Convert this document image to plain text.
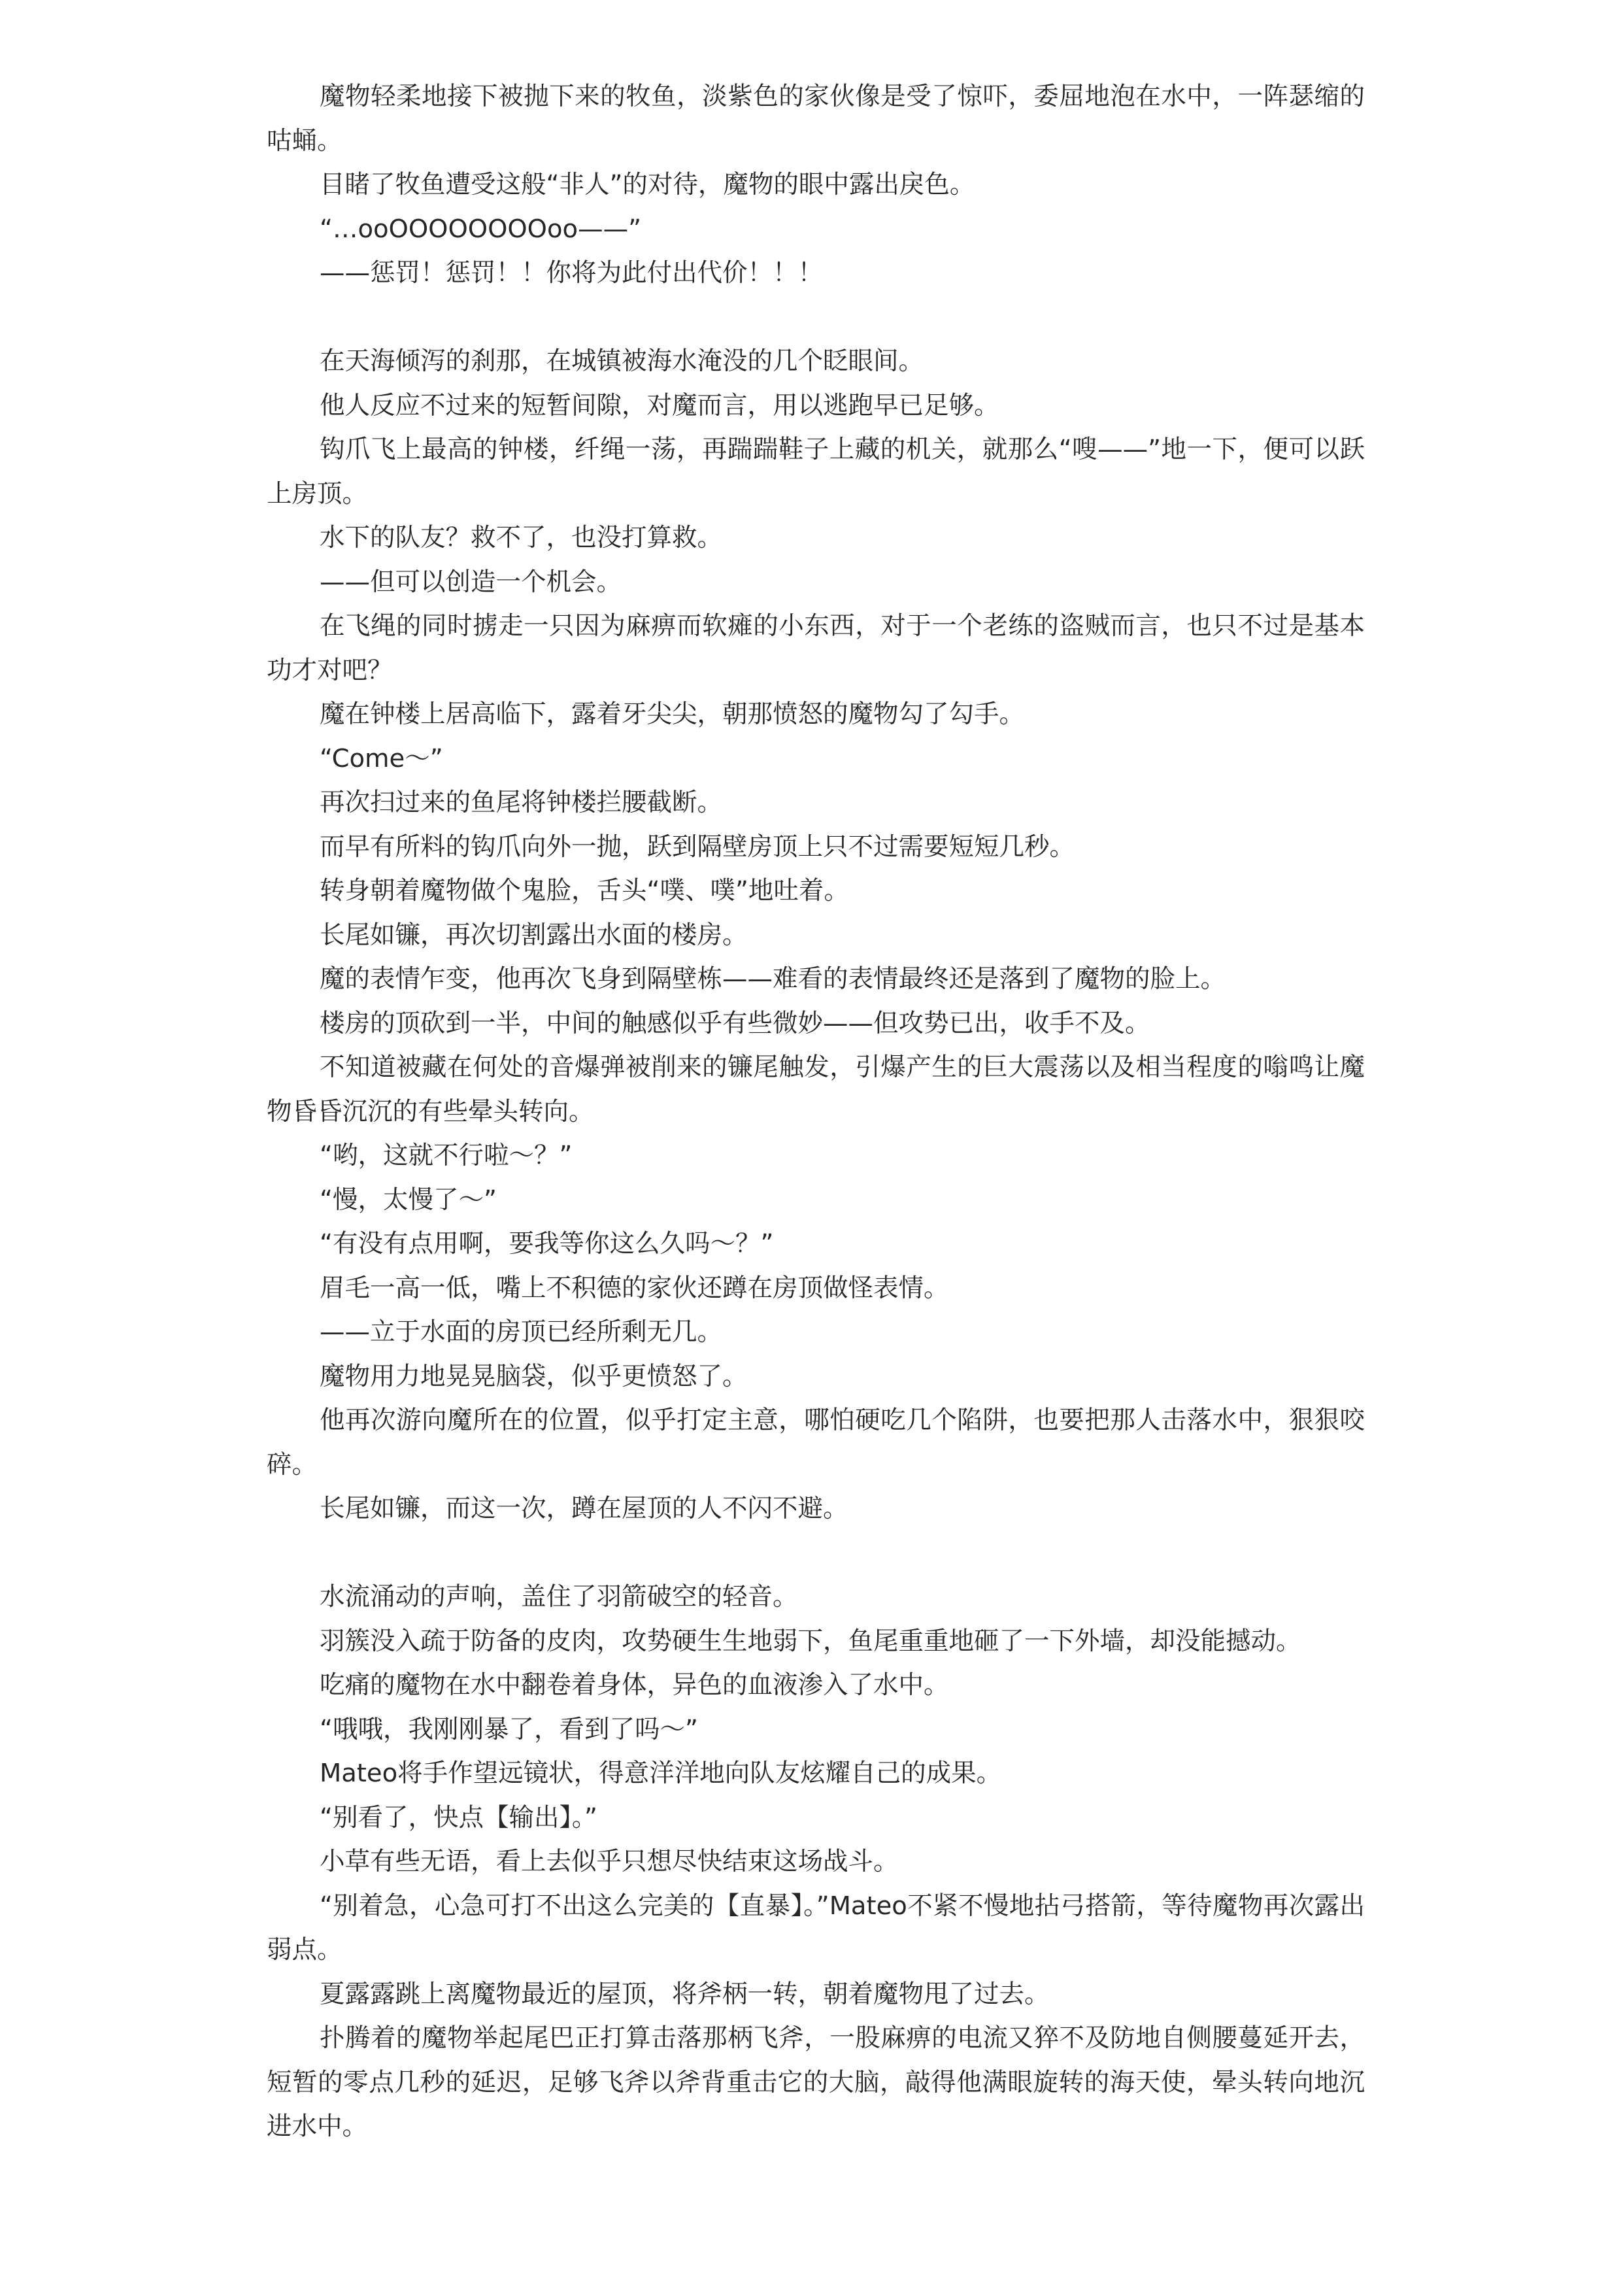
魔物轻柔地接下被抛下来的牧鱼，淡紫色的家伙像是受了惊吓，委屈地泡在水中，一阵瑟缩的咕蛹。

目睹了牧鱼遭受这般“非人”的对待，魔物的眼中露出戾色。

“…ooOOOOOOOOoo——”

——惩罚！惩罚！！你将为此付出代价！！！

在天海倾泻的刹那，在城镇被海水淹没的几个眨眼间。

他人反应不过来的短暂间隙，对魔而言，用以逃跑早已足够。

钩爪飞上最高的钟楼，纤绳一荡，再踹踹鞋子上藏的机关，就那么“嗖——”地一下，便可以跃上房顶。

水下的队友？救不了，也没打算救。

——但可以创造一个机会。

在飞绳的同时掳走一只因为麻痹而软瘫的小东西，对于一个老练的盗贼而言，也只不过是基本功才对吧？

魔在钟楼上居高临下，露着牙尖尖，朝那愤怒的魔物勾了勾手。

“Come～”

再次扫过来的鱼尾将钟楼拦腰截断。

而早有所料的钩爪向外一抛，跃到隔壁房顶上只不过需要短短几秒。

转身朝着魔物做个鬼脸，舌头“噗、噗”地吐着。

长尾如镰，再次切割露出水面的楼房。

魔的表情乍变，他再次飞身到隔壁栋——难看的表情最终还是落到了魔物的脸上。

楼房的顶砍到一半，中间的触感似乎有些微妙——但攻势已出，收手不及。

不知道被藏在何处的音爆弹被削来的镰尾触发，引爆产生的巨大震荡以及相当程度的嗡鸣让魔物昏昏沉沉的有些晕头转向。

“哟，这就不行啦～？”

“慢，太慢了～”

“有没有点用啊，要我等你这么久吗～？”

眉毛一高一低，嘴上不积德的家伙还蹲在房顶做怪表情。

——立于水面的房顶已经所剩无几。

魔物用力地晃晃脑袋，似乎更愤怒了。

他再次游向魔所在的位置，似乎打定主意，哪怕硬吃几个陷阱，也要把那人击落水中，狠狠咬碎。

长尾如镰，而这一次，蹲在屋顶的人不闪不避。

水流涌动的声响，盖住了羽箭破空的轻音。

羽簇没入疏于防备的皮肉，攻势硬生生地弱下，鱼尾重重地砸了一下外墙，却没能撼动。

吃痛的魔物在水中翻卷着身体，异色的血液渗入了水中。

“哦哦，我刚刚暴了，看到了吗～”

Mateo将手作望远镜状，得意洋洋地向队友炫耀自己的成果。

“别看了，快点【输出】。”

小草有些无语，看上去似乎只想尽快结束这场战斗。

“别着急，心急可打不出这么完美的【直暴】。”Mateo不紧不慢地拈弓搭箭，等待魔物再次露出弱点。

夏露露跳上离魔物最近的屋顶，将斧柄一转，朝着魔物甩了过去。

扑腾着的魔物举起尾巴正打算击落那柄飞斧，一股麻痹的电流又猝不及防地自侧腰蔓延开去，短暂的零点几秒的延迟，足够飞斧以斧背重击它的大脑，敲得他满眼旋转的海天使，晕头转向地沉进水中。
